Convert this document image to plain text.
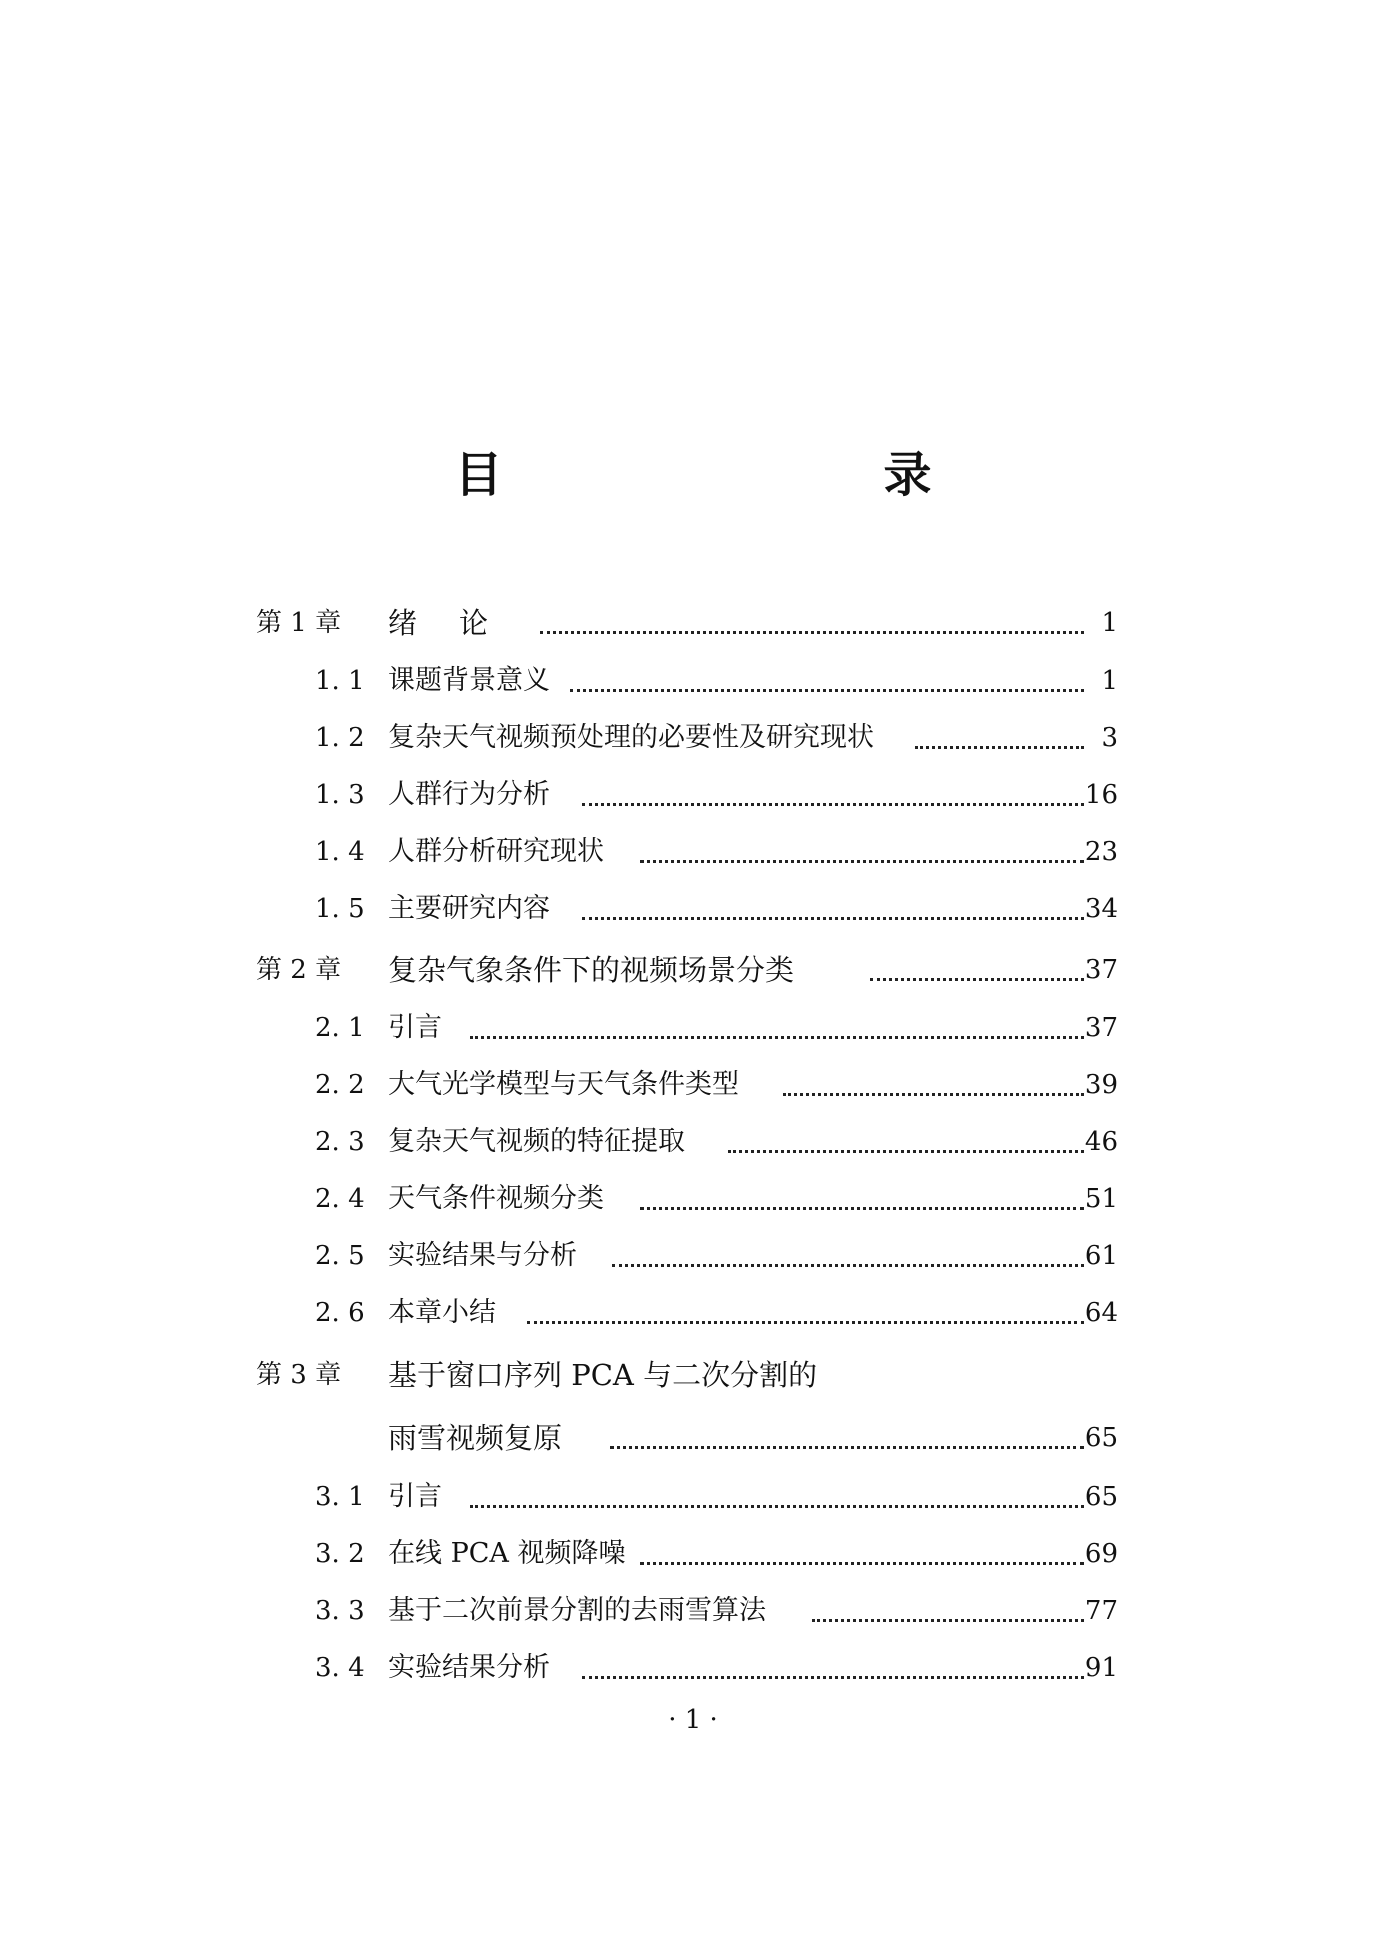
目　　录
第 1 章 绪论	1
1. 1 课题背景意义	1
1. 2 复杂天气视频预处理的必要性及研究现状	3
1. 3 人群行为分析	16
1. 4 人群分析研究现状	23
1. 5 主要研究内容	34
第 2 章 复杂气象条件下的视频场景分类	37
2. 1 引言	37
2. 2 大气光学模型与天气条件类型	39
2. 3 复杂天气视频的特征提取	46
2. 4 天气条件视频分类	51
2. 5 实验结果与分析	61
2. 6 本章小结	64
第 3 章 基于窗口序列 PCA 与二次分割的
雨雪视频复原	65
3. 1 引言	65
3. 2 在线 PCA 视频降噪	69
3. 3 基于二次前景分割的去雨雪算法	77
3. 4 实验结果分析	91
· 1 ·
